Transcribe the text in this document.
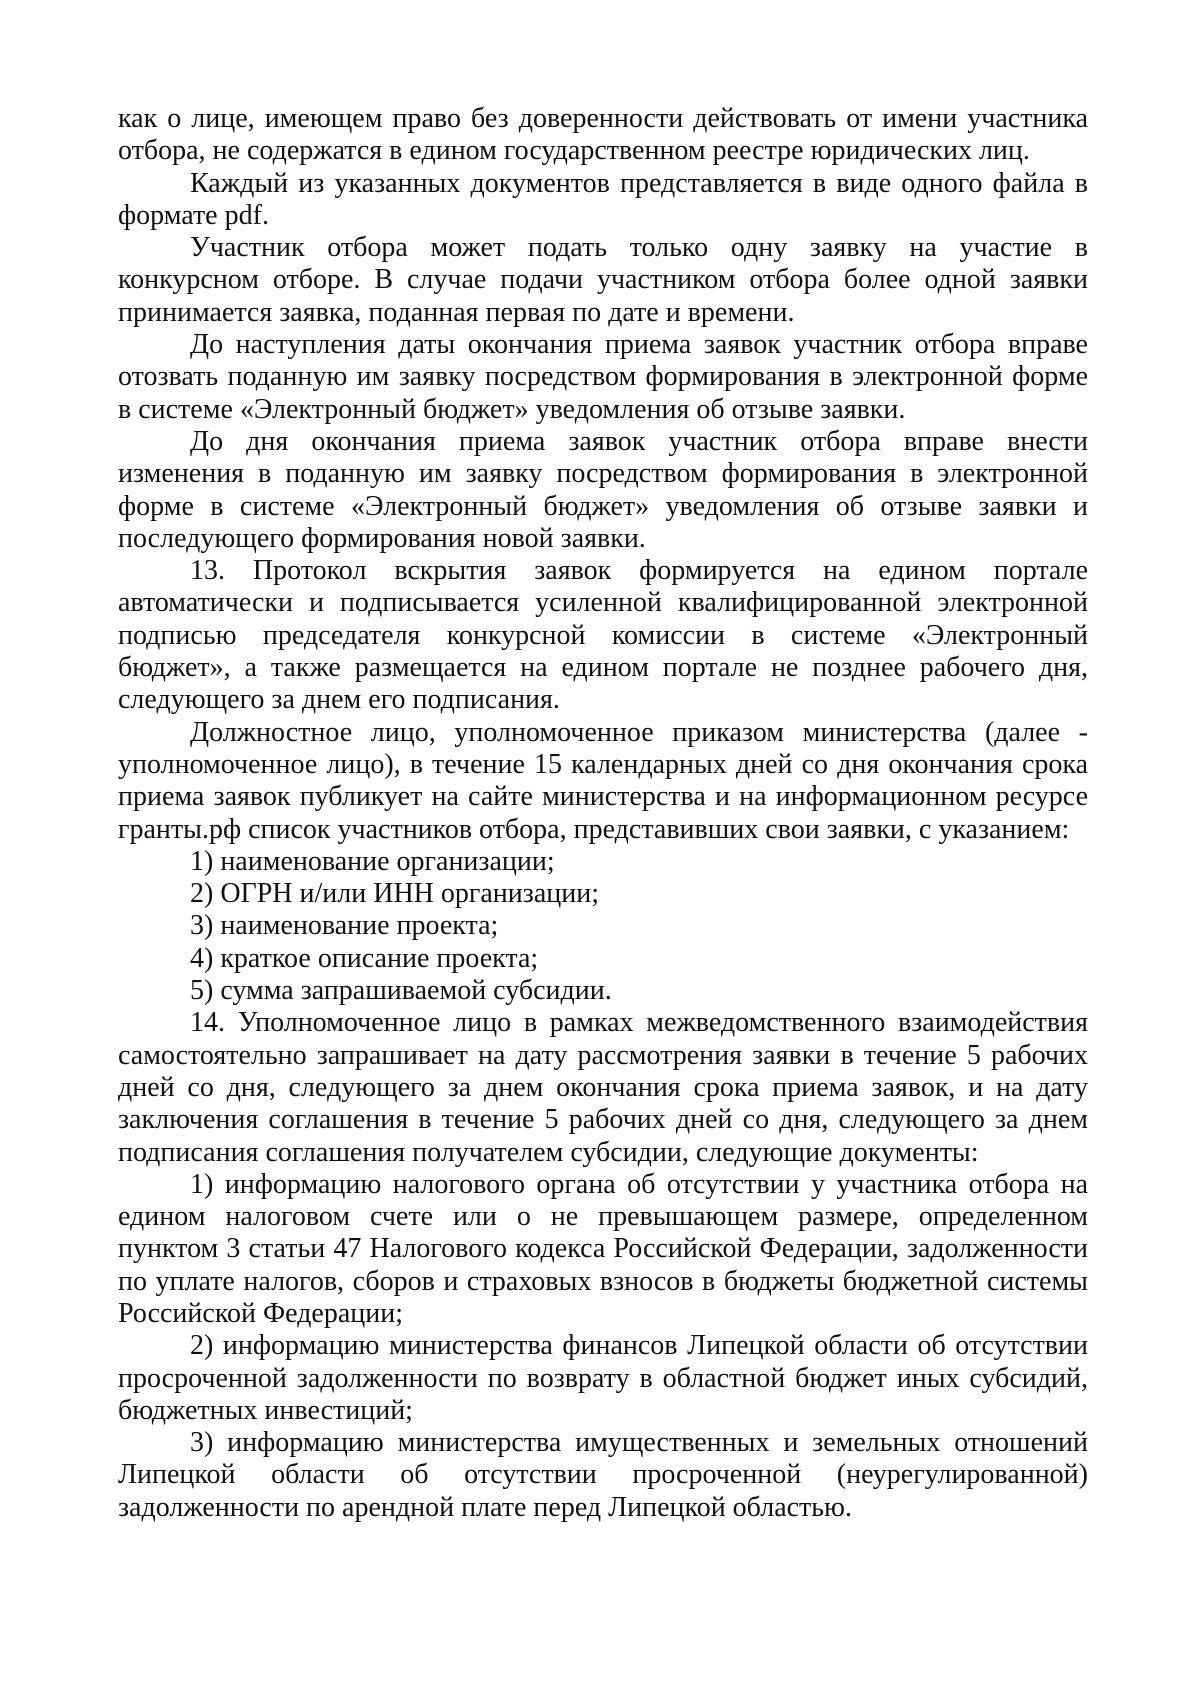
как о лице, имеющем право без доверенности действовать от имени участника отбора, не содержатся в едином государственном реестре юридических лиц.

Каждый из указанных документов представляется в виде одного файла в формате pdf.

Участник отбора может подать только одну заявку на участие в конкурсном отборе. В случае подачи участником отбора более одной заявки принимается заявка, поданная первая по дате и времени.

До наступления даты окончания приема заявок участник отбора вправе отозвать поданную им заявку посредством формирования в электронной форме в системе «Электронный бюджет» уведомления об отзыве заявки.

До дня окончания приема заявок участник отбора вправе внести изменения в поданную им заявку посредством формирования в электронной форме в системе «Электронный бюджет» уведомления об отзыве заявки и последующего формирования новой заявки.

13. Протокол вскрытия заявок формируется на едином портале автоматически и подписывается усиленной квалифицированной электронной подписью председателя конкурсной комиссии в системе «Электронный бюджет», а также размещается на едином портале не позднее рабочего дня, следующего за днем его подписания.

Должностное лицо, уполномоченное приказом министерства (далее - уполномоченное лицо), в течение 15 календарных дней со дня окончания срока приема заявок публикует на сайте министерства и на информационном ресурсе гранты.рф список участников отбора, представивших свои заявки, с указанием:

1) наименование организации;

2) ОГРН и/или ИНН организации;

3) наименование проекта;

4) краткое описание проекта;

5) сумма запрашиваемой субсидии.

14. Уполномоченное лицо в рамках межведомственного взаимодействия самостоятельно запрашивает на дату рассмотрения заявки в течение 5 рабочих дней со дня, следующего за днем окончания срока приема заявок, и на дату заключения соглашения в течение 5 рабочих дней со дня, следующего за днем подписания соглашения получателем субсидии, следующие документы:

1) информацию налогового органа об отсутствии у участника отбора на едином налоговом счете или о не превышающем размере, определенном пунктом 3 статьи 47 Налогового кодекса Российской Федерации, задолженности по уплате налогов, сборов и страховых взносов в бюджеты бюджетной системы Российской Федерации;

2) информацию министерства финансов Липецкой области об отсутствии просроченной задолженности по возврату в областной бюджет иных субсидий, бюджетных инвестиций;

3) информацию министерства имущественных и земельных отношений Липецкой области об отсутствии просроченной (неурегулированной) задолженности по арендной плате перед Липецкой областью.
